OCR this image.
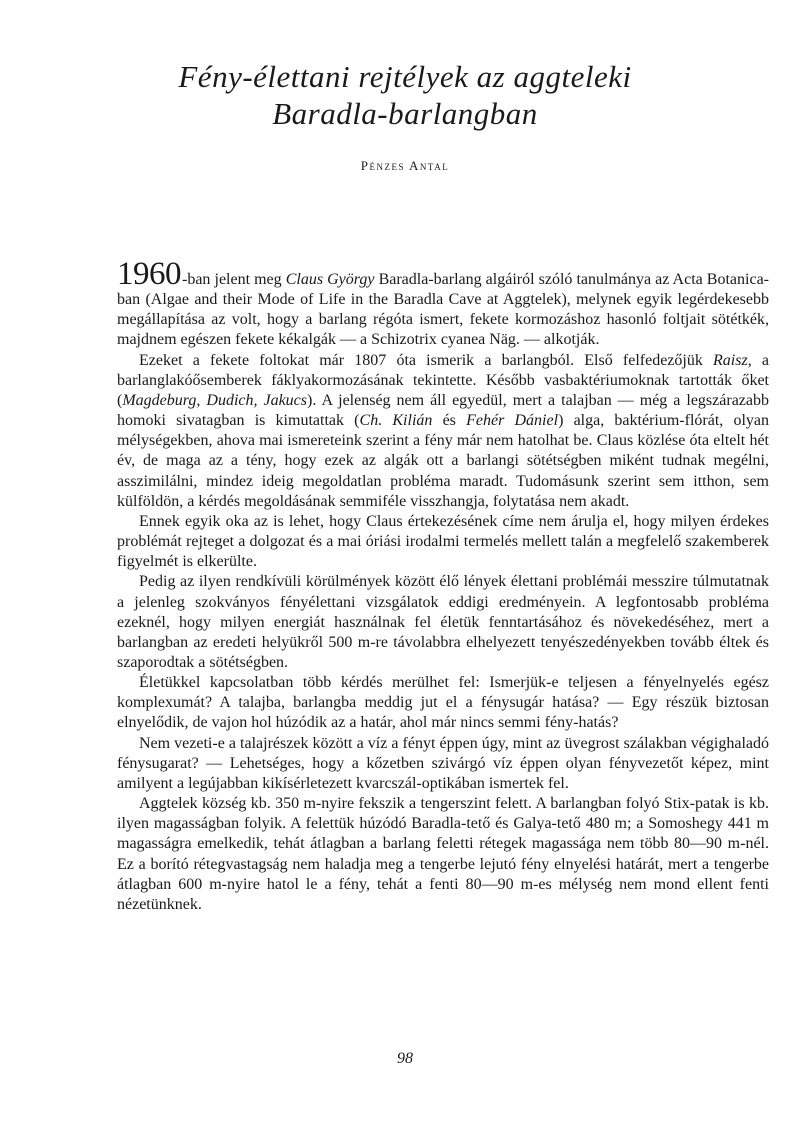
Fény-élettani rejtélyek az aggteleki
Baradla-barlangban
Pénzes Antal

1960-ban jelent meg Claus György Baradla-barlang algáiról szóló tanulmánya az Acta Botanica-ban (Algae and their Mode of Life in the Baradla Cave at Aggtelek), melynek egyik legérdekesebb megállapítása az volt, hogy a barlang régóta ismert, fekete kormozáshoz hasonló foltjait sötétkék, majdnem egészen fekete kékalgák — a Schizotrix cyanea Näg. — alkotják.

Ezeket a fekete foltokat már 1807 óta ismerik a barlangból. Első felfedezőjük Raisz, a barlanglakóősemberek fáklyakormozásának tekintette. Később vasbaktériumoknak tartották őket (Magdeburg, Dudich, Jakucs). A jelenség nem áll egyedül, mert a talajban — még a legszárazabb homoki sivatagban is kimutattak (Ch. Kilián és Fehér Dániel) alga, baktérium-flórát, olyan mélységekben, ahova mai ismereteink szerint a fény már nem hatolhat be. Claus közlése óta eltelt hét év, de maga az a tény, hogy ezek az algák ott a barlangi sötétségben miként tudnak megélni, asszimilálni, mindez ideig megoldatlan probléma maradt. Tudomásunk szerint sem itthon, sem külföldön, a kérdés megoldásának semmiféle visszhangja, folytatása nem akadt.

Ennek egyik oka az is lehet, hogy Claus értekezésének címe nem árulja el, hogy milyen érdekes problémát rejteget a dolgozat és a mai óriási irodalmi termelés mellett talán a megfelelő szakemberek figyelmét is elkerülte.

Pedig az ilyen rendkívüli körülmények között élő lények élettani problémái messzire túlmutatnak a jelenleg szokványos fényélettani vizsgálatok eddigi eredményein. A legfontosabb probléma ezeknél, hogy milyen energiát használnak fel életük fenntartásához és növekedéséhez, mert a barlangban az eredeti helyükről 500 m-re távolabbra elhelyezett tenyészedényekben tovább éltek és szaporodtak a sötétségben.

Életükkel kapcsolatban több kérdés merülhet fel: Ismerjük-e teljesen a fényelnyelés egész komplexumát? A talajba, barlangba meddig jut el a fénysugár hatása? — Egy részük biztosan elnyelődik, de vajon hol húzódik az a határ, ahol már nincs semmi fény-hatás?

Nem vezeti-e a talajrészek között a víz a fényt éppen úgy, mint az üvegrost szálakban végighaladó fénysugarat? — Lehetséges, hogy a kőzetben szivárgó víz éppen olyan fényvezetőt képez, mint amilyent a legújabban kikísérletezett kvarcszál-optikában ismertek fel.

Aggtelek község kb. 350 m-nyire fekszik a tengerszint felett. A barlangban folyó Stix-patak is kb. ilyen magasságban folyik. A felettük húzódó Baradla-tető és Galya-tető 480 m; a Somoshegy 441 m magasságra emelkedik, tehát átlagban a barlang feletti rétegek magassága nem több 80—90 m-nél. Ez a borító rétegvastagság nem haladja meg a tengerbe lejutó fény elnyelési határát, mert a tengerbe átlagban 600 m-nyire hatol le a fény, tehát a fenti 80—90 m-es mélység nem mond ellent fenti nézetünknek.

98
